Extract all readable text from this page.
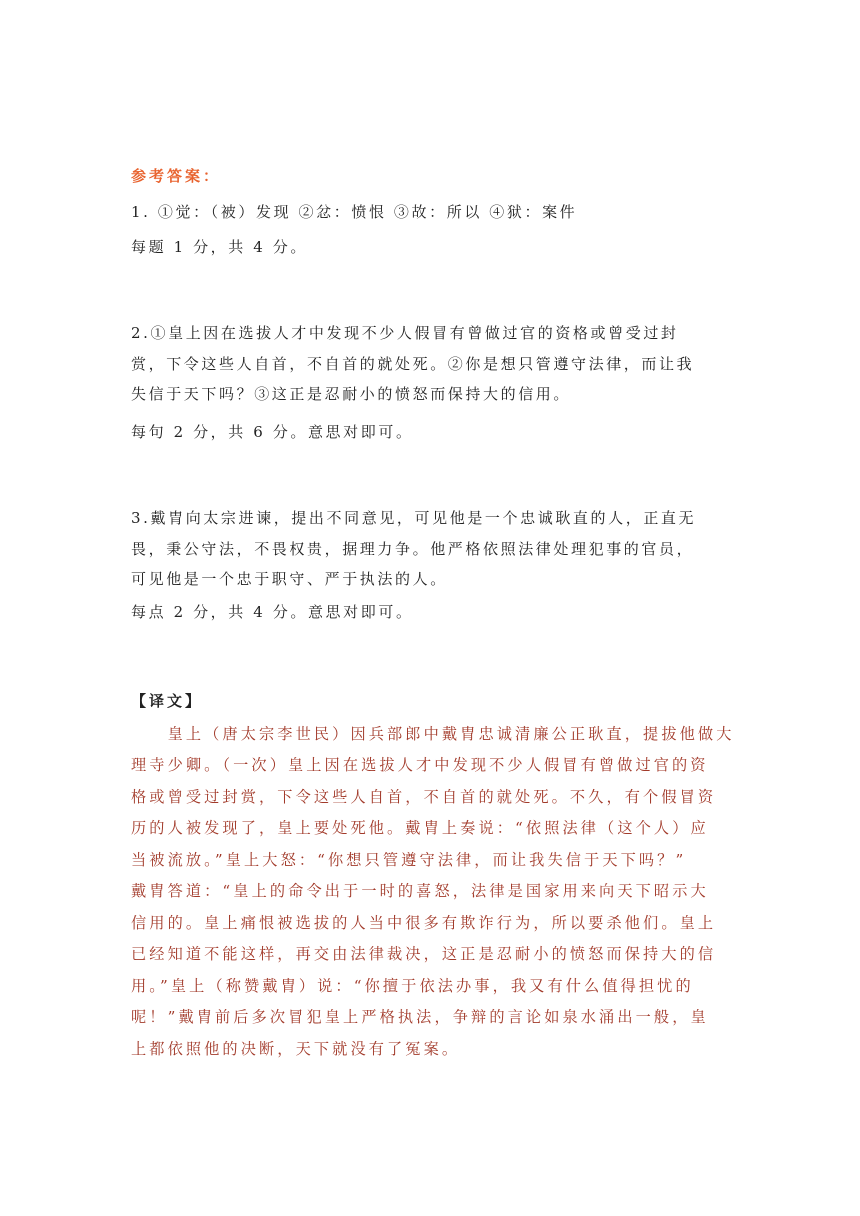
参考答案：
1. ①觉：（被）发现 ②忿：愤恨 ③故：所以 ④狱：案件
每题 1 分，共 4 分。
2.①皇上因在选拔人才中发现不少人假冒有曾做过官的资格或曾受过封
赏，下令这些人自首，不自首的就处死。②你是想只管遵守法律，而让我
失信于天下吗？③这正是忍耐小的愤怒而保持大的信用。
每句 2 分，共 6 分。意思对即可。
3.戴胄向太宗进谏，提出不同意见，可见他是一个忠诚耿直的人，正直无
畏，秉公守法，不畏权贵，据理力争。他严格依照法律处理犯事的官员，
可见他是一个忠于职守、严于执法的人。
每点 2 分，共 4 分。意思对即可。
【译文】
　　皇上（唐太宗李世民）因兵部郎中戴胄忠诚清廉公正耿直，提拔他做大
理寺少卿。（一次）皇上因在选拔人才中发现不少人假冒有曾做过官的资
格或曾受过封赏，下令这些人自首，不自首的就处死。不久，有个假冒资
历的人被发现了，皇上要处死他。戴胄上奏说：“依照法律（这个人）应
当被流放。”皇上大怒：“你想只管遵守法律，而让我失信于天下吗？”
戴胄答道：“皇上的命令出于一时的喜怒，法律是国家用来向天下昭示大
信用的。皇上痛恨被选拔的人当中很多有欺诈行为，所以要杀他们。皇上
已经知道不能这样，再交由法律裁决，这正是忍耐小的愤怒而保持大的信
用。”皇上（称赞戴胄）说：“你擅于依法办事，我又有什么值得担忧的
呢！”戴胄前后多次冒犯皇上严格执法，争辩的言论如泉水涌出一般，皇
上都依照他的决断，天下就没有了冤案。
